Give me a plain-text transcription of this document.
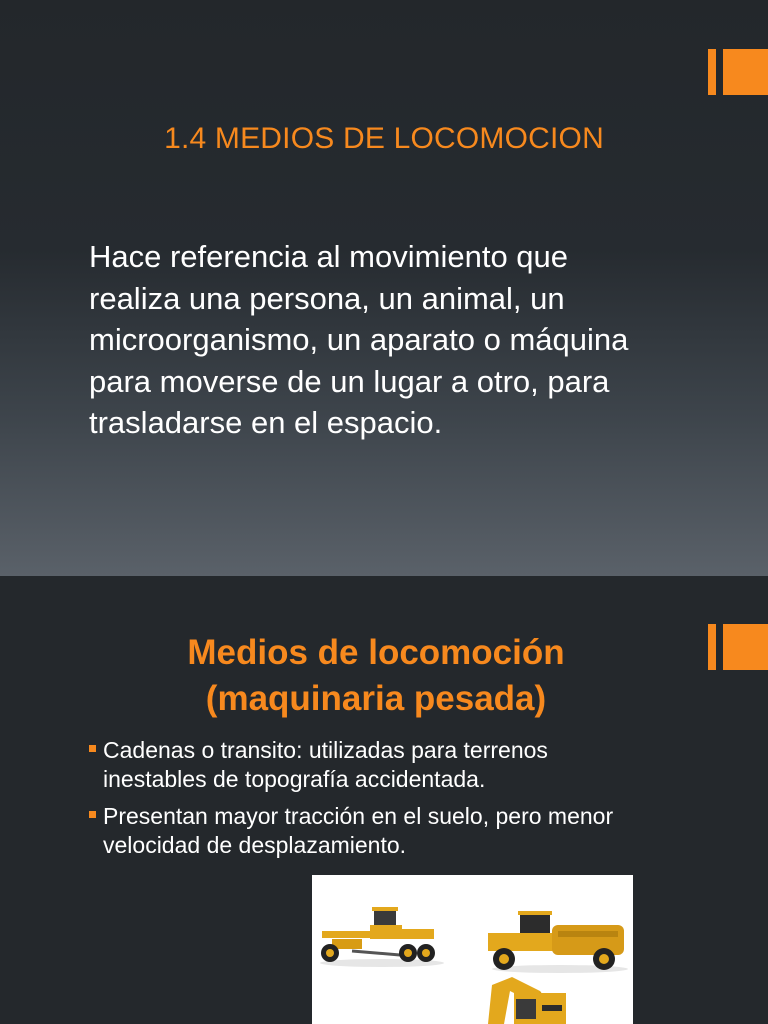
1.4 MEDIOS DE LOCOMOCION
Hace referencia al movimiento que
realiza una persona, un animal, un
microorganismo, un aparato o máquina
para moverse de un lugar a otro, para
trasladarse en el espacio.
Medios de locomoción
(maquinaria pesada)
Cadenas o transito: utilizadas para terrenos
inestables de topografía accidentada.
Presentan mayor tracción en el suelo, pero menor
velocidad de desplazamiento.
